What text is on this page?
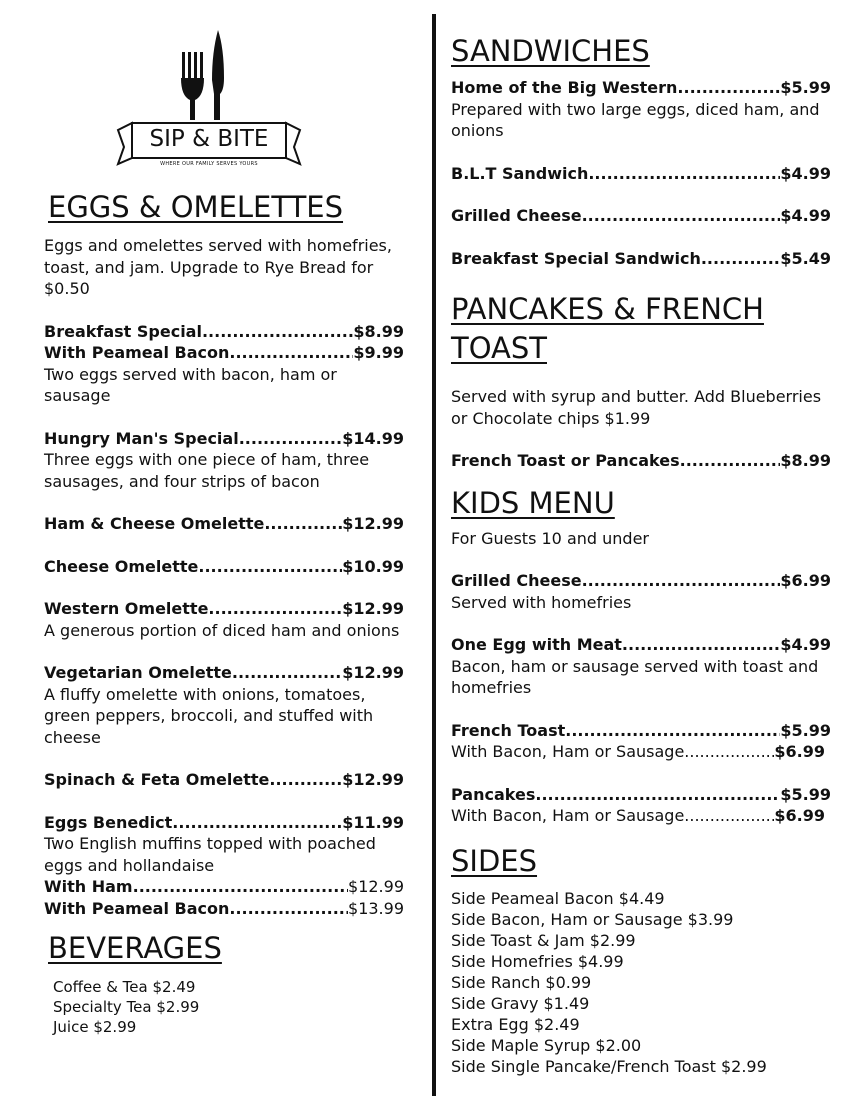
SIP & BITE
WHERE OUR FAMILY SERVES YOURS
EGGS & OMELETTES

Eggs and omelettes served with homefries, toast, and jam. Upgrade to Rye Bread for $0.50

Breakfast Special .....	$8.99
With Peameal Bacon .....	$9.99

Two eggs served with bacon, ham or sausage

Hungry Man's Special .....	$14.99

Three eggs with one piece of ham, three sausages, and four strips of bacon

Ham & Cheese Omelette .....	$12.99
Cheese Omelette .....	$10.99
Western Omelette .....	$12.99

A generous portion of diced ham and onions

Vegetarian Omelette .....	$12.99

A fluffy omelette with onions, tomatoes, green peppers, broccoli, and stuffed with cheese

Spinach & Feta Omelette .....	$12.99
Eggs Benedict .....	$11.99

Two English muffins topped with poached eggs and hollandaise

With Ham .....	$12.99
With Peameal Bacon .....	$13.99
BEVERAGES

Coffee & Tea $2.49

Specialty Tea $2.99

Juice $2.99

SANDWICHES
Home of the Big Western .....	$5.99

Prepared with two large eggs, diced ham, and onions

B.L.T Sandwich .....	$4.99
Grilled Cheese .....	$4.99
Breakfast Special Sandwich .....	$5.49
PANCAKES & FRENCH TOAST

Served with syrup and butter. Add Blueberries or Chocolate chips $1.99

French Toast or Pancakes .....	$8.99
KIDS MENU

For Guests 10 and under

Grilled Cheese .....	$6.99

Served with homefries

One Egg with Meat .....	$4.99

Bacon, ham or sausage served with toast and homefries

French Toast .....	$5.99
With Bacon, Ham or Sausage .....	$6.99
Pancakes .....	$5.99
With Bacon, Ham or Sausage .....	$6.99
SIDES

Side Peameal Bacon $4.49

Side Bacon, Ham or Sausage $3.99

Side Toast & Jam $2.99

Side Homefries $4.99

Side Ranch $0.99

Side Gravy $1.49

Extra Egg $2.49

Side Maple Syrup $2.00

Side Single Pancake/French Toast $2.99
